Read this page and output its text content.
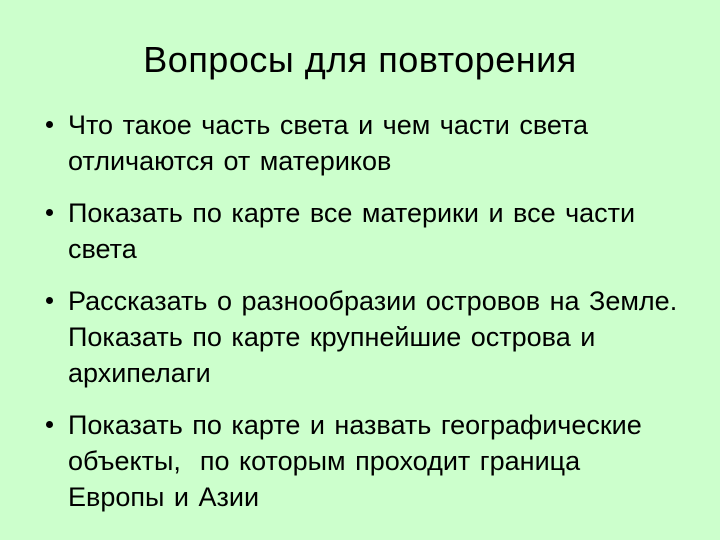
Вопросы для повторения
Что такое часть света и чем части света отличаются от материков
Показать по карте все материки и все части света
Рассказать о разнообразии островов на Земле. Показать по карте крупнейшие острова и архипелаги
Показать по карте и назвать географические объекты,  по которым проходит граница Европы и Азии
